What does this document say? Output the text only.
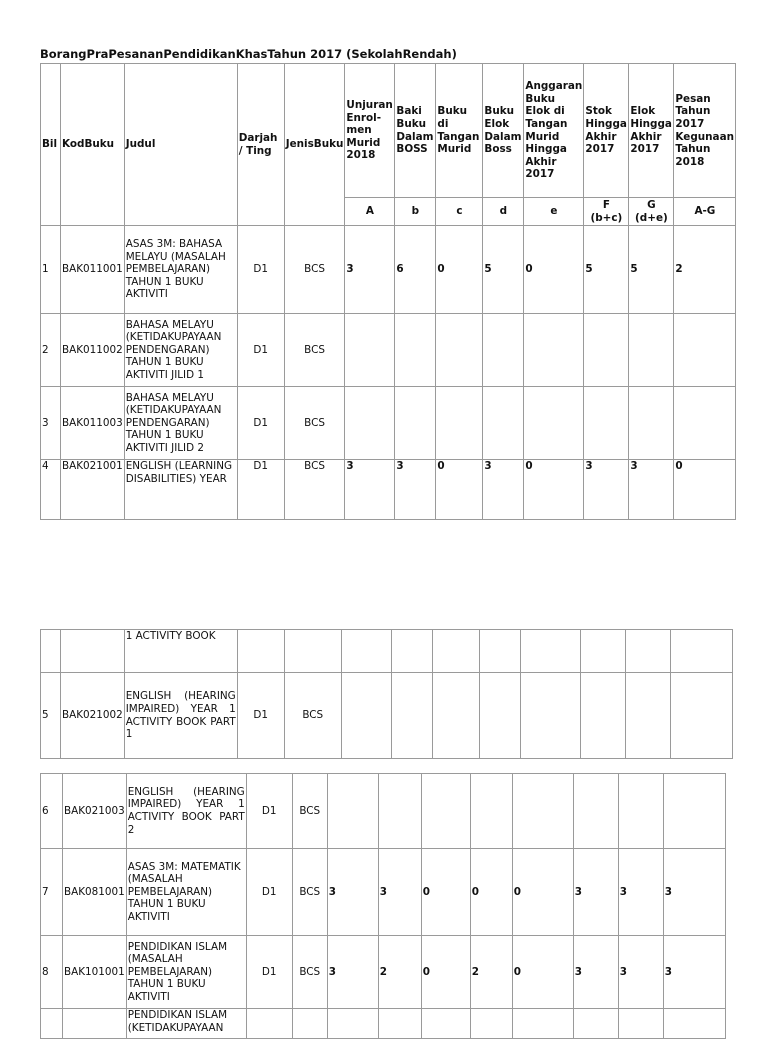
BorangPraPesananPendidikanKhasTahun 2017 (SekolahRendah)
Bil	KodBuku	Judul	Darjah / Ting	JenisBuku	Unjuran Enrol-men Murid 2018	Baki Buku Dalam BOSS	Buku di Tangan Murid	Buku Elok Dalam Boss	Anggaran Buku Elok di Tangan Murid Hingga Akhir 2017	Stok Hingga Akhir 2017	Elok Hingga Akhir 2017	Pesan Tahun 2017 Kegunaan Tahun 2018
					A	b	c	d	e	F (b+c)	G (d+e)	A-G
1	BAK011001	ASAS 3M: BAHASA MELAYU (MASALAH PEMBELAJARAN) TAHUN 1 BUKU AKTIVITI	D1	BCS	3	6	0	5	0	5	5	2
2	BAK011002	BAHASA MELAYU (KETIDAKUPAYAAN PENDENGARAN) TAHUN 1 BUKU AKTIVITI JILID 1	D1	BCS								
3	BAK011003	BAHASA MELAYU (KETIDAKUPAYAAN PENDENGARAN) TAHUN 1 BUKU AKTIVITI JILID 2	D1	BCS								
4	BAK021001	ENGLISH (LEARNING DISABILITIES) YEAR	D1	BCS	3	3	0	3	0	3	3	0
		1 ACTIVITY BOOK										
5	BAK021002	ENGLISH (HEARING IMPAIRED) YEAR 1 ACTIVITY BOOK PART 1	D1	BCS								
6	BAK021003	ENGLISH (HEARING IMPAIRED) YEAR 1 ACTIVITY BOOK PART 2	D1	BCS								
7	BAK081001	ASAS 3M: MATEMATIK (MASALAH PEMBELAJARAN) TAHUN 1 BUKU AKTIVITI	D1	BCS	3	3	0	0	0	3	3	3
8	BAK101001	PENDIDIKAN ISLAM (MASALAH PEMBELAJARAN) TAHUN 1 BUKU AKTIVITI	D1	BCS	3	2	0	2	0	3	3	3
		PENDIDIKAN ISLAM (KETIDAKUPAYAAN										
